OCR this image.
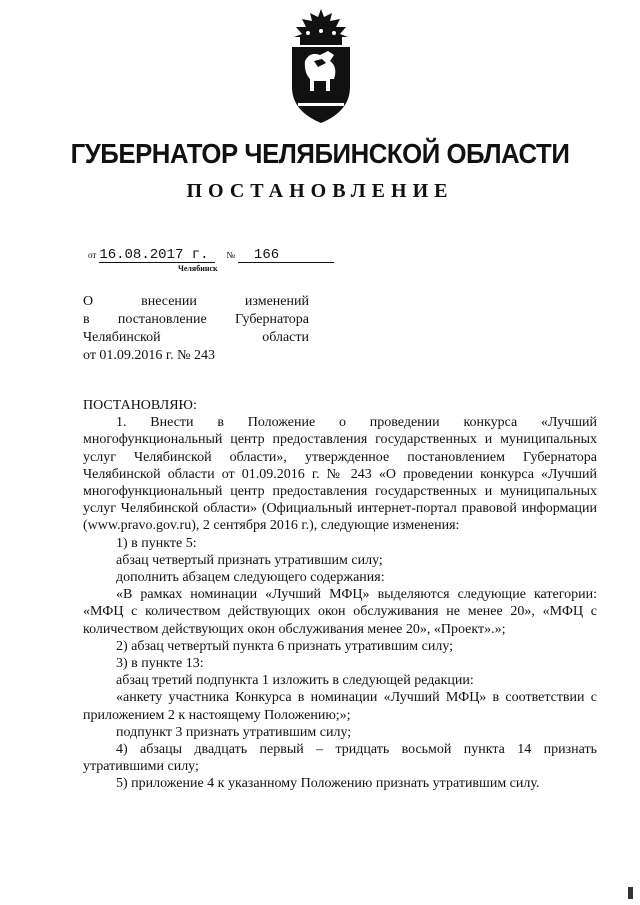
ГУБЕРНАТОР ЧЕЛЯБИНСКОЙ ОБЛАСТИ
ПОСТАНОВЛЕНИЕ
от 16.08.2017 г. № 166
Челябинск
О внесении изменений
в постановление Губернатора
Челябинской области
от 01.09.2016 г. № 243

ПОСТАНОВЛЯЮ:

1. Внести в Положение о проведении конкурса «Лучший многофункциональный центр предоставления государственных и муниципальных услуг Челябинской области», утвержденное постановлением Губернатора Челябинской области от 01.09.2016 г. № 243 «О проведении конкурса «Лучший многофункциональный центр предоставления государственных и муниципальных услуг Челябинской области» (Официальный интернет-портал правовой информации (www.pravo.gov.ru), 2 сентября 2016 г.), следующие изменения:

1) в пункте 5:

абзац четвертый признать утратившим силу;

дополнить абзацем следующего содержания:

«В рамках номинации «Лучший МФЦ» выделяются следующие категории: «МФЦ с количеством действующих окон обслуживания не менее 20», «МФЦ с количеством действующих окон обслуживания менее 20», «Проект».»;

2) абзац четвертый пункта 6 признать утратившим силу;

3) в пункте 13:

абзац третий подпункта 1 изложить в следующей редакции:

«анкету участника Конкурса в номинации «Лучший МФЦ» в соответствии с приложением 2 к настоящему Положению;»;

подпункт 3 признать утратившим силу;

4) абзацы двадцать первый – тридцать восьмой пункта 14 признать утратившими силу;

5) приложение 4 к указанному Положению признать утратившим силу.
